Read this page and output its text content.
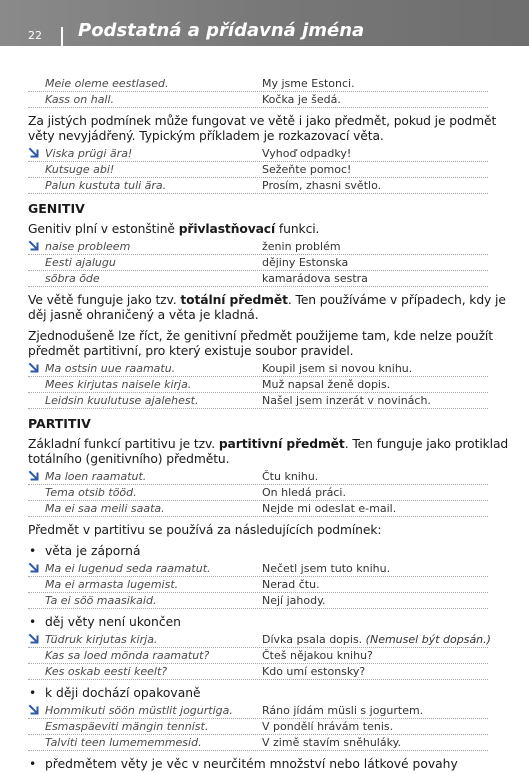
22 Podstatná a přídavná jména
Meie oleme eestlased.	My jsme Estonci.
Kass on hall.	Kočka je šedá.
Za jistých podmínek může fungovat ve větě i jako předmět, pokud je podmět
věty nevyjádřený. Typickým příkladem je rozkazovací věta.
Viska prügi ära!	Vyhoď odpadky!
Kutsuge abi!	Sežeňte pomoc!
Palun kustuta tuli ära.	Prosím, zhasni světlo.
GENITIV
Genitiv plní v estonštině přivlastňovací funkci.
naise probleem	ženin problém
Eesti ajalugu	dějiny Estonska
sõbra õde	kamarádova sestra
Ve větě funguje jako tzv. totální předmět. Ten používáme v případech, kdy je
děj jasně ohraničený a věta je kladná.
Zjednodušeně lze říct, že genitivní předmět použijeme tam, kde nelze použít
předmět partitivní, pro který existuje soubor pravidel.
Ma ostsin uue raamatu.	Koupil jsem si novou knihu.
Mees kirjutas naisele kirja.	Muž napsal ženě dopis.
Leidsin kuulutuse ajalehest.	Našel jsem inzerát v novinách.
PARTITIV
Základní funkcí partitivu je tzv. partitivní předmět. Ten funguje jako protiklad
totálního (genitivního) předmětu.
Ma loen raamatut.	Čtu knihu.
Tema otsib tööd.	On hledá práci.
Ma ei saa meili saata.	Nejde mi odeslat e-mail.
Předmět v partitivu se používá za následujících podmínek:
• věta je záporná
Ma ei lugenud seda raamatut.	Nečetl jsem tuto knihu.
Ma ei armasta lugemist.	Nerad čtu.
Ta ei söö maasikaid.	Nejí jahody.
• děj věty není ukončen
Tüdruk kirjutas kirja.	Dívka psala dopis. (Nemusel být dopsán.)
Kas sa loed mõnda raamatut?	Čteš nějakou knihu?
Kes oskab eesti keelt?	Kdo umí estonsky?
• k ději dochází opakovaně
Hommikuti söön müstlit jogurtiga.	Ráno jídám müsli s jogurtem.
Esmaspäeviti mängin tennist.	V pondělí hrávám tenis.
Talviti teen lumememmesid.	V zimě stavím sněhuláky.
• předmětem věty je věc v neurčitém množství nebo látkové povahy
